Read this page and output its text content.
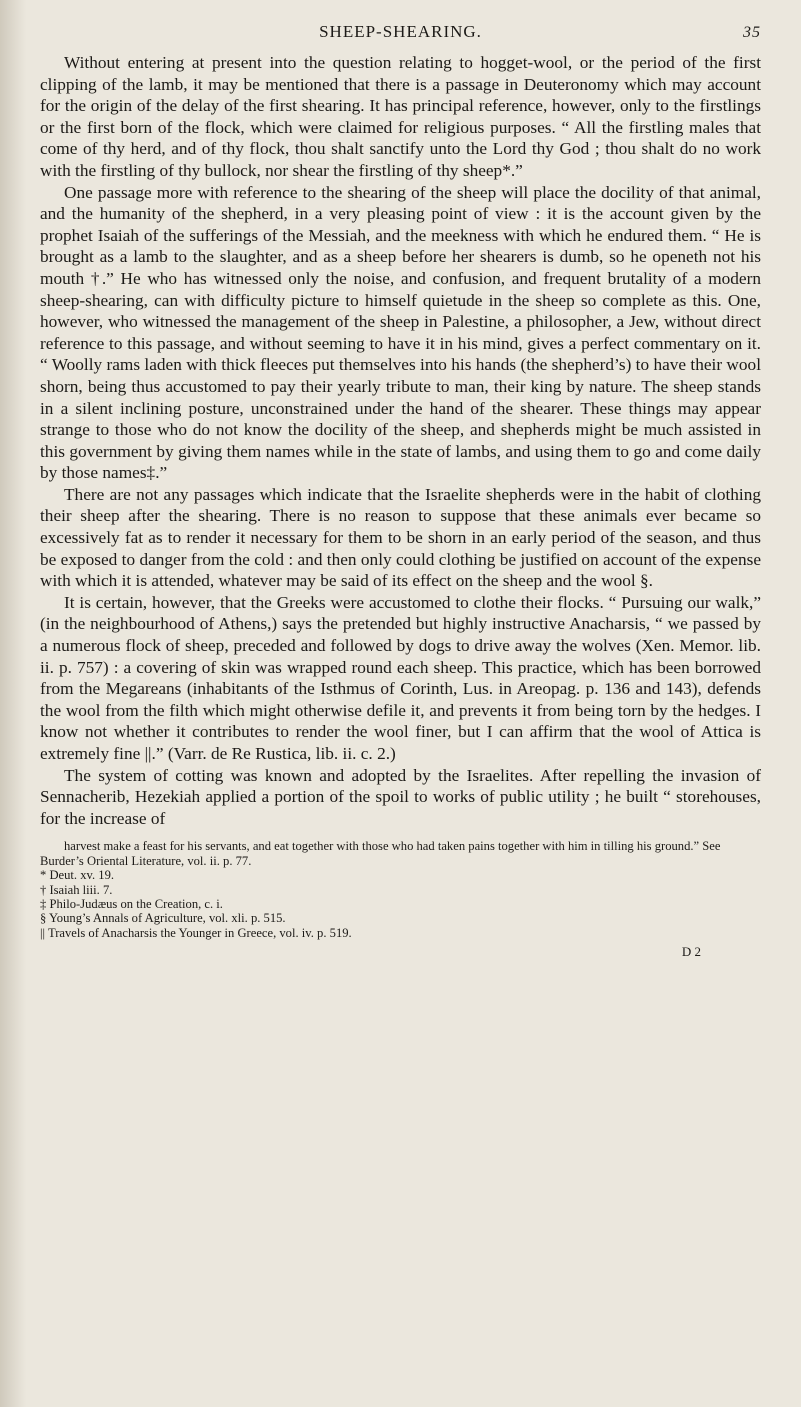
SHEEP-SHEARING.	35

Without entering at present into the question relating to hogget-wool, or the period of the first clipping of the lamb, it may be mentioned that there is a passage in Deuteronomy which may account for the origin of the delay of the first shearing. It has principal reference, however, only to the firstlings or the first born of the flock, which were claimed for religious purposes. “ All the firstling males that come of thy herd, and of thy flock, thou shalt sanctify unto the Lord thy God ; thou shalt do no work with the firstling of thy bullock, nor shear the firstling of thy sheep*.”

One passage more with reference to the shearing of the sheep will place the docility of that animal, and the humanity of the shepherd, in a very pleasing point of view : it is the account given by the prophet Isaiah of the sufferings of the Messiah, and the meekness with which he endured them. “ He is brought as a lamb to the slaughter, and as a sheep before her shearers is dumb, so he openeth not his mouth †.” He who has witnessed only the noise, and confusion, and frequent brutality of a modern sheep-shearing, can with difficulty picture to himself quietude in the sheep so complete as this. One, however, who witnessed the management of the sheep in Palestine, a philosopher, a Jew, without direct reference to this passage, and without seeming to have it in his mind, gives a perfect commentary on it. “ Woolly rams laden with thick fleeces put themselves into his hands (the shepherd’s) to have their wool shorn, being thus accustomed to pay their yearly tribute to man, their king by nature. The sheep stands in a silent inclining posture, unconstrained under the hand of the shearer. These things may appear strange to those who do not know the docility of the sheep, and shepherds might be much assisted in this government by giving them names while in the state of lambs, and using them to go and come daily by those names‡.”

There are not any passages which indicate that the Israelite shepherds were in the habit of clothing their sheep after the shearing. There is no reason to suppose that these animals ever became so excessively fat as to render it necessary for them to be shorn in an early period of the season, and thus be exposed to danger from the cold : and then only could clothing be justified on account of the expense with which it is attended, whatever may be said of its effect on the sheep and the wool §.

It is certain, however, that the Greeks were accustomed to clothe their flocks. “ Pursuing our walk,” (in the neighbourhood of Athens,) says the pretended but highly instructive Anacharsis, “ we passed by a numerous flock of sheep, preceded and followed by dogs to drive away the wolves (Xen. Memor. lib. ii. p. 757) : a covering of skin was wrapped round each sheep. This practice, which has been borrowed from the Megareans (inhabitants of the Isthmus of Corinth, Lus. in Areopag. p. 136 and 143), defends the wool from the filth which might otherwise defile it, and prevents it from being torn by the hedges. I know not whether it contributes to render the wool finer, but I can affirm that the wool of Attica is extremely fine ||.” (Varr. de Re Rustica, lib. ii. c. 2.)

The system of cotting was known and adopted by the Israelites. After repelling the invasion of Sennacherib, Hezekiah applied a portion of the spoil to works of public utility ; he built “ storehouses, for the increase of

harvest make a feast for his servants, and eat together with those who had taken pains together with him in tilling his ground.” See Burder’s Oriental Literature, vol. ii. p. 77.

* Deut. xv. 19.

† Isaiah liii. 7.

‡ Philo-Judæus on the Creation, c. i.

§ Young’s Annals of Agriculture, vol. xli. p. 515.

|| Travels of Anacharsis the Younger in Greece, vol. iv. p. 519.

D 2
